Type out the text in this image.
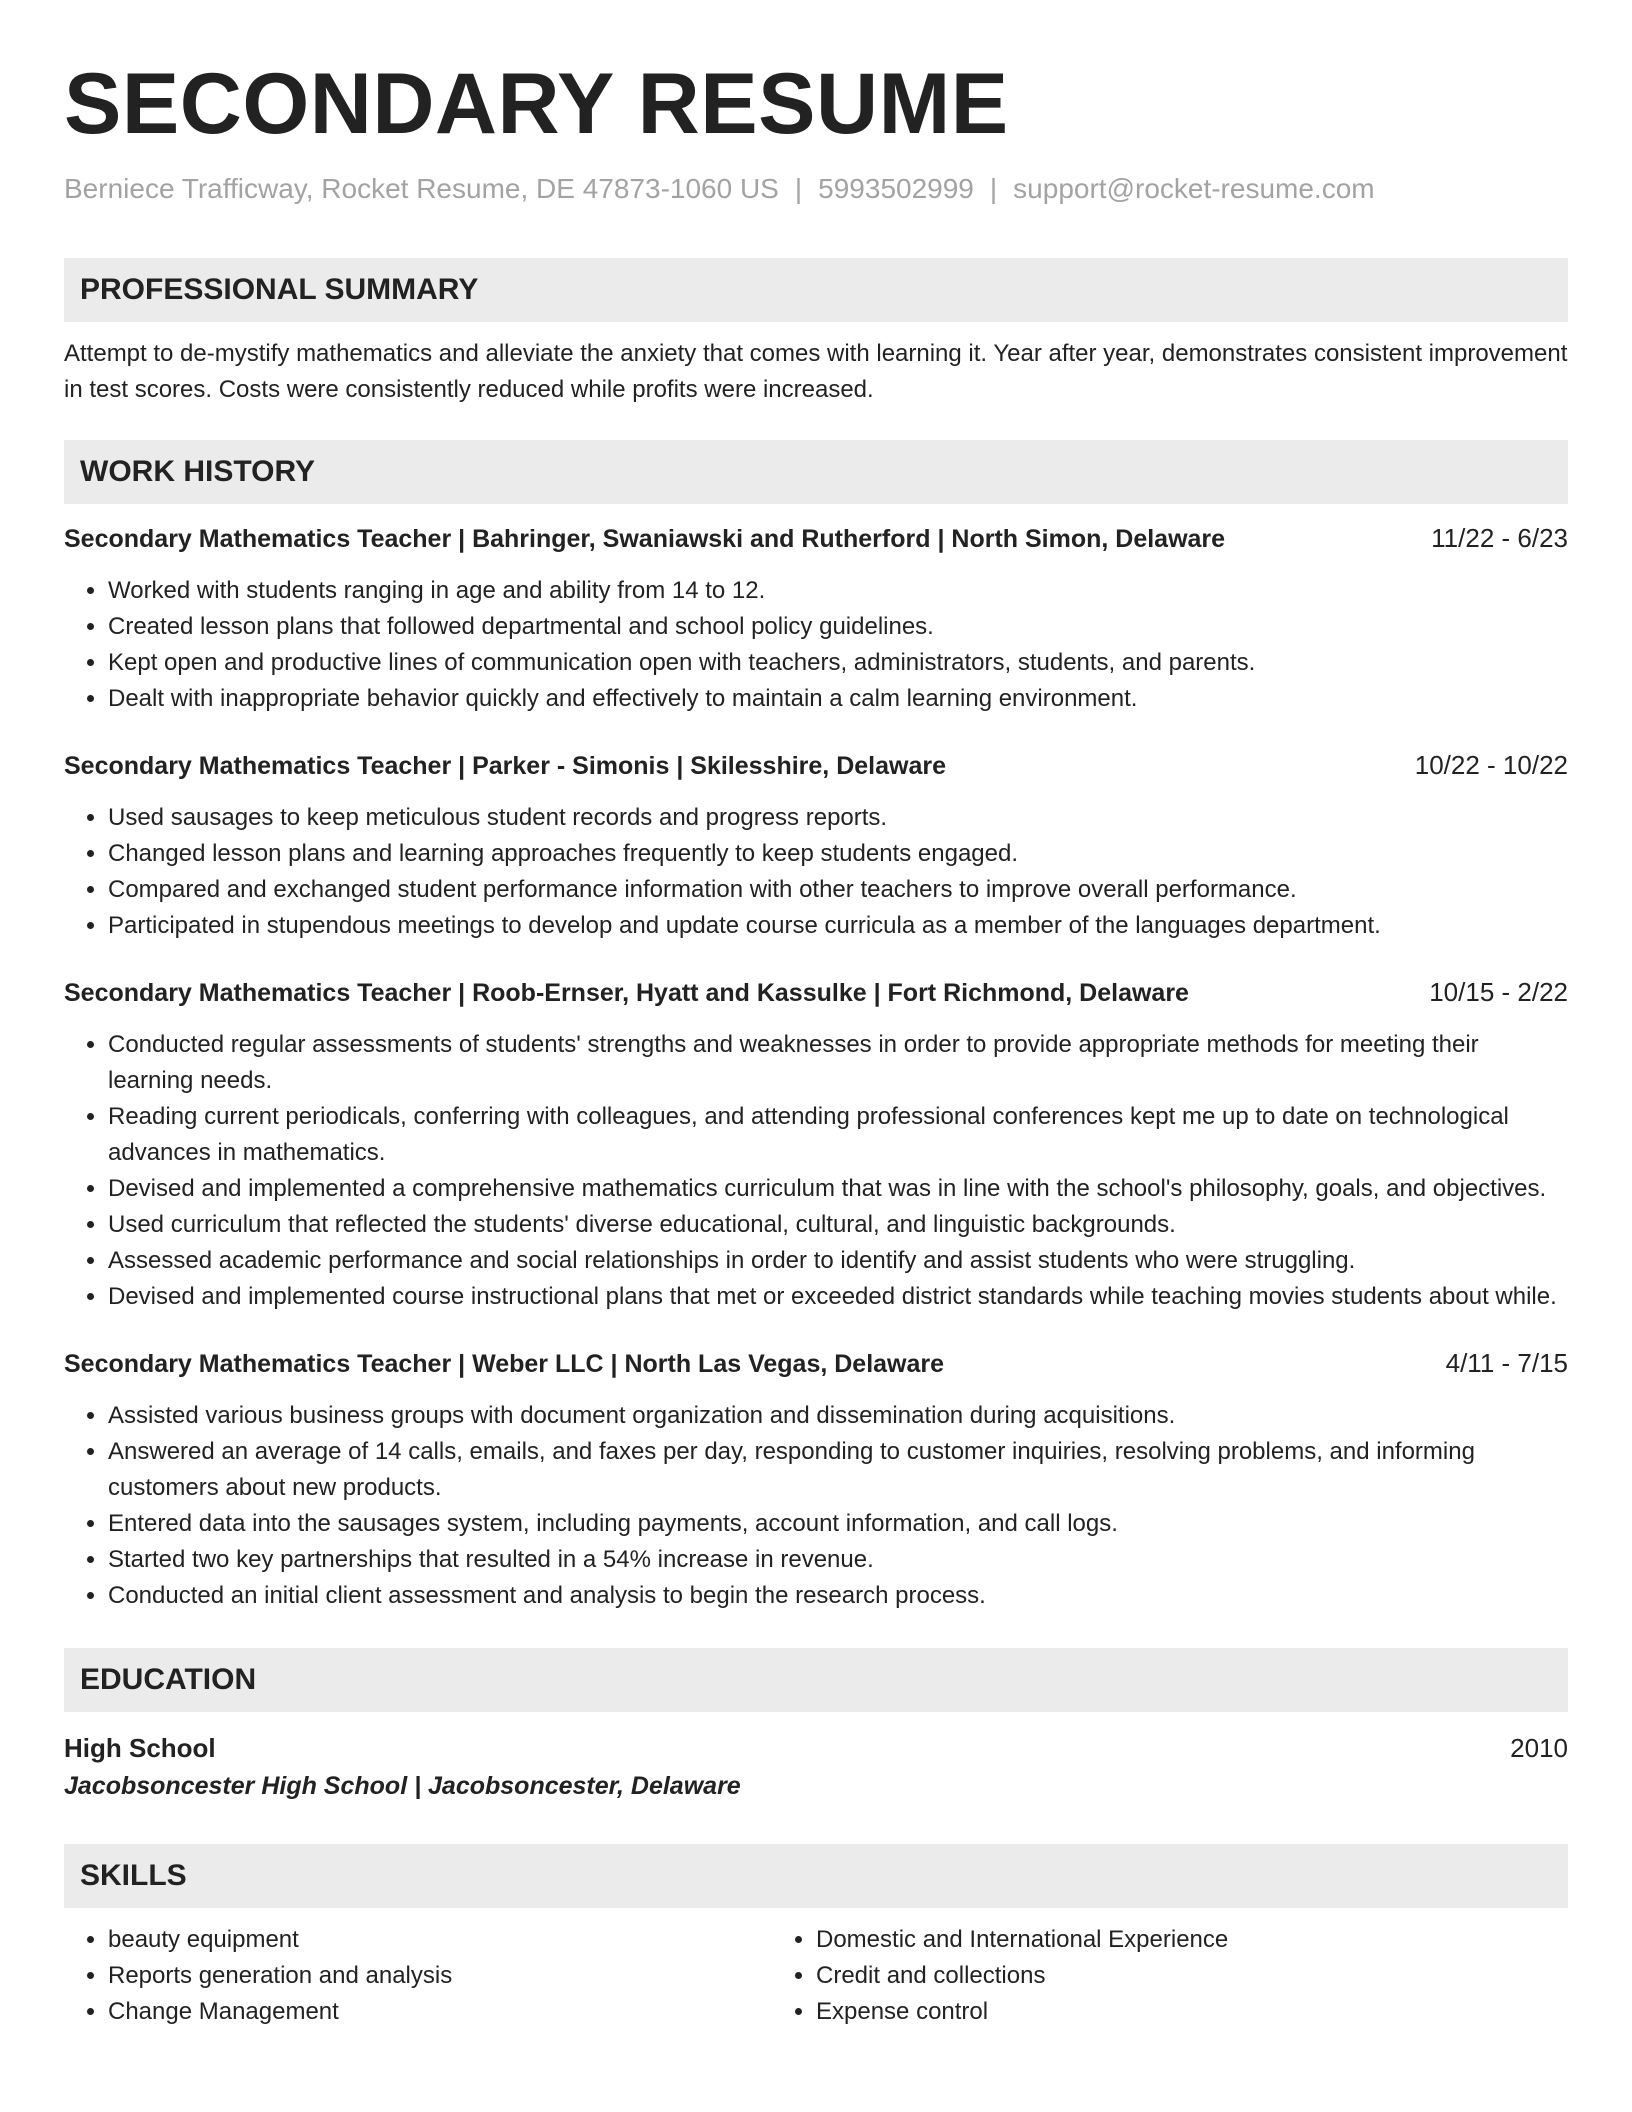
SECONDARY RESUME
Berniece Trafficway, Rocket Resume, DE 47873-1060 US | 5993502999 | support@rocket-resume.com
PROFESSIONAL SUMMARY
Attempt to de-mystify mathematics and alleviate the anxiety that comes with learning it. Year after year, demonstrates consistent improvement in test scores. Costs were consistently reduced while profits were increased.
WORK HISTORY
Secondary Mathematics Teacher | Bahringer, Swaniawski and Rutherford | North Simon, Delaware	11/22 - 6/23
• Worked with students ranging in age and ability from 14 to 12.
• Created lesson plans that followed departmental and school policy guidelines.
• Kept open and productive lines of communication open with teachers, administrators, students, and parents.
• Dealt with inappropriate behavior quickly and effectively to maintain a calm learning environment.
Secondary Mathematics Teacher | Parker - Simonis | Skilesshire, Delaware	10/22 - 10/22
• Used sausages to keep meticulous student records and progress reports.
• Changed lesson plans and learning approaches frequently to keep students engaged.
• Compared and exchanged student performance information with other teachers to improve overall performance.
• Participated in stupendous meetings to develop and update course curricula as a member of the languages department.
Secondary Mathematics Teacher | Roob-Ernser, Hyatt and Kassulke | Fort Richmond, Delaware	10/15 - 2/22
• Conducted regular assessments of students' strengths and weaknesses in order to provide appropriate methods for meeting their learning needs.
• Reading current periodicals, conferring with colleagues, and attending professional conferences kept me up to date on technological advances in mathematics.
• Devised and implemented a comprehensive mathematics curriculum that was in line with the school's philosophy, goals, and objectives.
• Used curriculum that reflected the students' diverse educational, cultural, and linguistic backgrounds.
• Assessed academic performance and social relationships in order to identify and assist students who were struggling.
• Devised and implemented course instructional plans that met or exceeded district standards while teaching movies students about while.
Secondary Mathematics Teacher | Weber LLC | North Las Vegas, Delaware	4/11 - 7/15
• Assisted various business groups with document organization and dissemination during acquisitions.
• Answered an average of 14 calls, emails, and faxes per day, responding to customer inquiries, resolving problems, and informing customers about new products.
• Entered data into the sausages system, including payments, account information, and call logs.
• Started two key partnerships that resulted in a 54% increase in revenue.
• Conducted an initial client assessment and analysis to begin the research process.
EDUCATION
High School	2010
Jacobsoncester High School | Jacobsoncester, Delaware
SKILLS
• beauty equipment
• Reports generation and analysis
• Change Management
• Domestic and International Experience
• Credit and collections
• Expense control
